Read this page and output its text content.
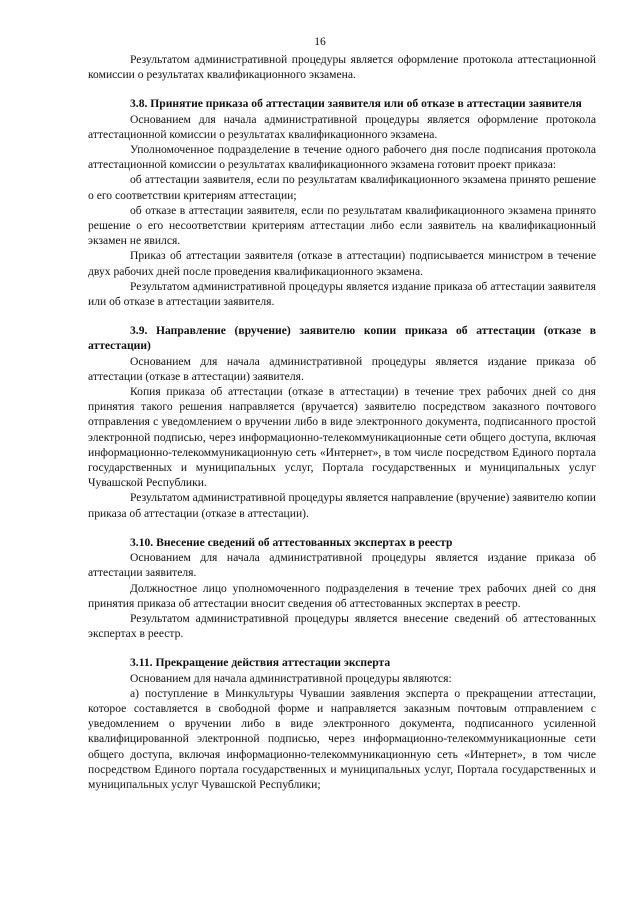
16

Результатом административной процедуры является оформление протокола аттестационной комиссии о результатах квалификационного экзамена.

3.8. Принятие приказа об аттестации заявителя или об отказе в аттестации заявителя

Основанием для начала административной процедуры является оформление протокола аттестационной комиссии о результатах квалификационного экзамена.

Уполномоченное подразделение в течение одного рабочего дня после подписания протокола аттестационной комиссии о результатах квалификационного экзамена готовит проект приказа:

об аттестации заявителя, если по результатам квалификационного экзамена принято решение о его соответствии критериям аттестации;

об отказе в аттестации заявителя, если по результатам квалификационного экзамена принято решение о его несоответствии критериям аттестации либо если заявитель на квалификационный экзамен не явился.

Приказ об аттестации заявителя (отказе в аттестации) подписывается министром в течение двух рабочих дней после проведения квалификационного экзамена.

Результатом административной процедуры является издание приказа об аттестации заявителя или об отказе в аттестации заявителя.

3.9. Направление (вручение) заявителю копии приказа об аттестации (отказе в аттестации)

Основанием для начала административной процедуры является издание приказа об аттестации (отказе в аттестации) заявителя.

Копия приказа об аттестации (отказе в аттестации) в течение трех рабочих дней со дня принятия такого решения направляется (вручается) заявителю посредством заказного почтового отправления с уведомлением о вручении либо в виде электронного документа, подписанного простой электронной подписью, через информационно-телекоммуникационные сети общего доступа, включая информационно-телекоммуникационную сеть «Интернет», в том числе посредством Единого портала государственных и муниципальных услуг, Портала государственных и муниципальных услуг Чувашской Республики.

Результатом административной процедуры является направление (вручение) заявителю копии приказа об аттестации (отказе в аттестации).

3.10. Внесение сведений об аттестованных экспертах в реестр

Основанием для начала административной процедуры является издание приказа об аттестации заявителя.

Должностное лицо уполномоченного подразделения в течение трех рабочих дней со дня принятия приказа об аттестации вносит сведения об аттестованных экспертах в реестр.

Результатом административной процедуры является внесение сведений об аттестованных экспертах в реестр.

3.11. Прекращение действия аттестации эксперта

Основанием для начала административной процедуры являются:

а) поступление в Минкультуры Чувашии заявления эксперта о прекращении аттестации, которое составляется в свободной форме и направляется заказным почтовым отправлением с уведомлением о вручении либо в виде электронного документа, подписанного усиленной квалифицированной электронной подписью, через информационно-телекоммуникационные сети общего доступа, включая информационно-телекоммуникационную сеть «Интернет», в том числе посредством Единого портала государственных и муниципальных услуг, Портала государственных и муниципальных услуг Чувашской Республики;
